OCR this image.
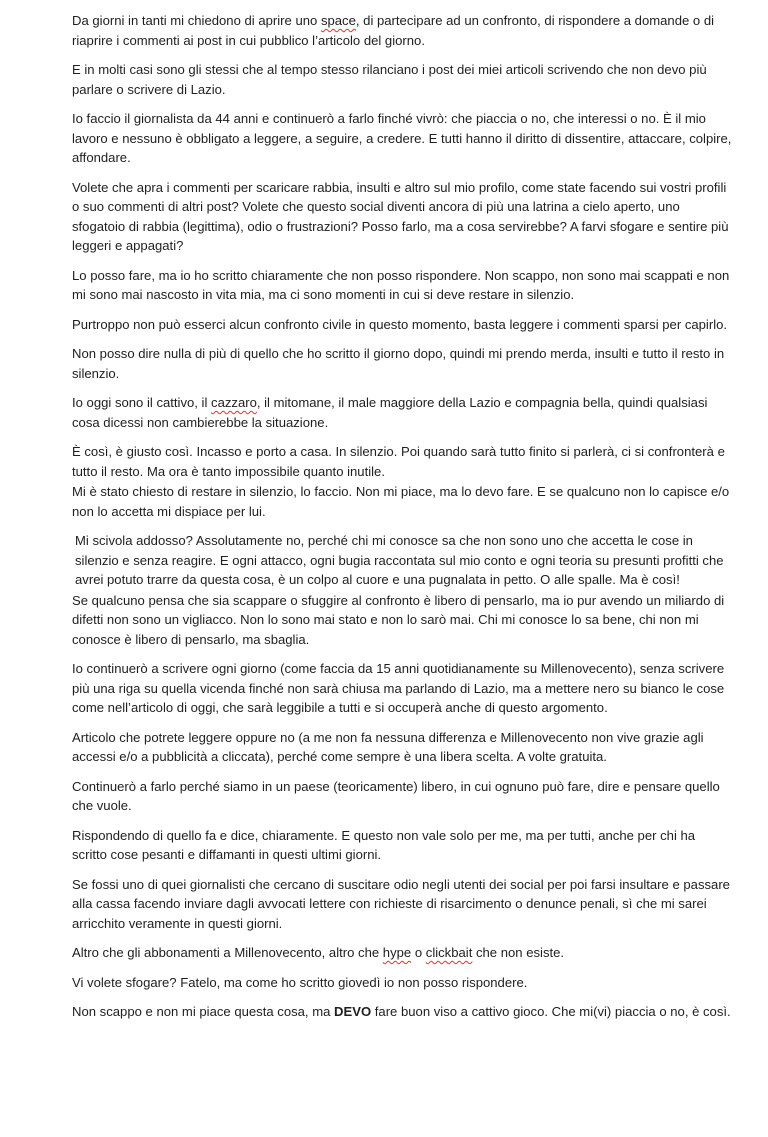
Da giorni in tanti mi chiedono di aprire uno space, di partecipare ad un confronto, di rispondere a domande o di riaprire i commenti ai post in cui pubblico l’articolo del giorno.

E in molti casi sono gli stessi che al tempo stesso rilanciano i post dei miei articoli scrivendo che non devo più parlare o scrivere di Lazio.

Io faccio il giornalista da 44 anni e continuerò a farlo finché vivrò: che piaccia o no, che interessi o no. È il mio lavoro e nessuno è obbligato a leggere, a seguire, a credere. E tutti hanno il diritto di dissentire, attaccare, colpire, affondare.

Volete che apra i commenti per scaricare rabbia, insulti e altro sul mio profilo, come state facendo sui vostri profili o suo commenti di altri post? Volete che questo social diventi ancora di più una latrina a cielo aperto, uno sfogatoio di rabbia (legittima), odio o frustrazioni? Posso farlo, ma a cosa servirebbe? A farvi sfogare e sentire più leggeri e appagati?

Lo posso fare, ma io ho scritto chiaramente che non posso rispondere. Non scappo, non sono mai scappati e non mi sono mai nascosto in vita mia, ma ci sono momenti in cui si deve restare in silenzio.

Purtroppo non può esserci alcun confronto civile in questo momento, basta leggere i commenti sparsi per capirlo.

Non posso dire nulla di più di quello che ho scritto il giorno dopo, quindi mi prendo merda, insulti e tutto il resto in silenzio.

Io oggi sono il cattivo, il cazzaro, il mitomane, il male maggiore della Lazio e compagnia bella, quindi qualsiasi cosa dicessi non cambierebbe la situazione.

È così, è giusto così. Incasso e porto a casa. In silenzio. Poi quando sarà tutto finito si parlerà, ci si confronterà e tutto il resto. Ma ora è tanto impossibile quanto inutile.

Mi è stato chiesto di restare in silenzio, lo faccio. Non mi piace, ma lo devo fare. E se qualcuno non lo capisce e/o non lo accetta mi dispiace per lui.

Mi scivola addosso? Assolutamente no, perché chi mi conosce sa che non sono uno che accetta le cose in silenzio e senza reagire. E ogni attacco, ogni bugia raccontata sul mio conto e ogni teoria su presunti profitti che avrei potuto trarre da questa cosa, è un colpo al cuore e una pugnalata in petto. O alle spalle. Ma è così!

Se qualcuno pensa che sia scappare o sfuggire al confronto è libero di pensarlo, ma io pur avendo un miliardo di difetti non sono un vigliacco. Non lo sono mai stato e non lo sarò mai. Chi mi conosce lo sa bene, chi non mi conosce è libero di pensarlo, ma sbaglia.

Io continuerò a scrivere ogni giorno (come faccia da 15 anni quotidianamente su Millenovecento), senza scrivere più una riga su quella vicenda finché non sarà chiusa ma parlando di Lazio, ma a mettere nero su bianco le cose come nell’articolo di oggi, che sarà leggibile a tutti e si occuperà anche di questo argomento.

Articolo che potrete leggere oppure no (a me non fa nessuna differenza e Millenovecento non vive grazie agli accessi e/o a pubblicità a cliccata), perché come sempre è una libera scelta. A volte gratuita.

Continuerò a farlo perché siamo in un paese (teoricamente) libero, in cui ognuno può fare, dire e pensare quello che vuole.

Rispondendo di quello fa e dice, chiaramente. E questo non vale solo per me, ma per tutti, anche per chi ha scritto cose pesanti e diffamanti in questi ultimi giorni.

Se fossi uno di quei giornalisti che cercano di suscitare odio negli utenti dei social per poi farsi insultare e passare alla cassa facendo inviare dagli avvocati lettere con richieste di risarcimento o denunce penali, sì che mi sarei arricchito veramente in questi giorni.

Altro che gli abbonamenti a Millenovecento, altro che hype o clickbait che non esiste.

Vi volete sfogare? Fatelo, ma come ho scritto giovedì io non posso rispondere.

Non scappo e non mi piace questa cosa, ma DEVO fare buon viso a cattivo gioco. Che mi(vi) piaccia o no, è così.
